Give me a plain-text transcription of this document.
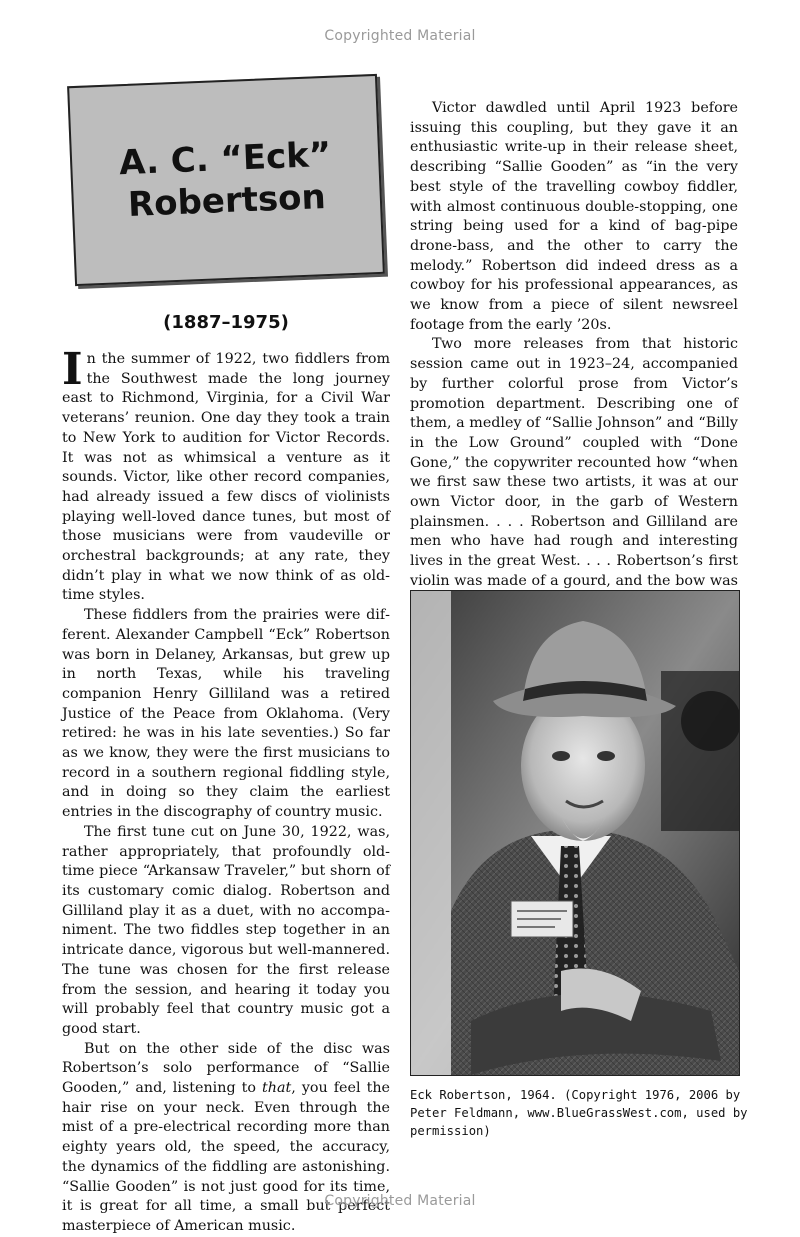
Copyrighted Material
A. C. “Eck”
Robertson
(1887–1975)

In the summer of 1922, two fiddlers from the Southwest made the long journey east to Richmond, Virginia, for a Civil War veterans’ reunion. One day they took a train to New York to audition for Victor Records. It was not as whimsical a venture as it sounds. Victor, like other record companies, had already issued a few discs of violinists playing well-loved dance tunes, but most of those musicians were from vaudeville or orchestral backgrounds; at any rate, they didn’t play in what we now think of as old-time styles.

These fiddlers from the prairies were different. Alexander Campbell “Eck” Robertson was born in Delaney, Arkansas, but grew up in north Texas, while his traveling companion Henry Gilliland was a retired Justice of the Peace from Oklahoma. (Very retired: he was in his late seventies.) So far as we know, they were the first musicians to record in a southern regional fiddling style, and in doing so they claim the earliest entries in the discography of country music.

The first tune cut on June 30, 1922, was, rather appropriately, that profoundly old-time piece “Arkansaw Traveler,” but shorn of its customary comic dialog. Robertson and Gilliland play it as a duet, with no accompaniment. The two fiddles step together in an intricate dance, vigorous but well-mannered. The tune was chosen for the first release from the session, and hearing it today you will probably feel that country music got a good start.

But on the other side of the disc was Robertson’s solo performance of “Sallie Gooden,” and, listening to that, you feel the hair rise on your neck. Even through the mist of a pre-electrical recording more than eighty years old, the speed, the accuracy, the dynamics of the fiddling are astonishing. “Sallie Gooden” is not just good for its time, it is great for all time, a small but perfect masterpiece of American music.

Victor dawdled until April 1923 before issuing this coupling, but they gave it an enthusiastic write-up in their release sheet, describing “Sallie Gooden” as “in the very best style of the travelling cowboy fiddler, with almost continuous double-stopping, one string being used for a kind of bag-pipe drone-bass, and the other to carry the melody.” Robertson did indeed dress as a cowboy for his professional appearances, as we know from a piece of silent newsreel footage from the early ’20s.

Two more releases from that historic session came out in 1923–24, accompanied by further colorful prose from Victor’s promotion department. Describing one of them, a medley of “Sallie Johnson” and “Billy in the Low Ground” coupled with “Done Gone,” the copywriter recounted how “when we first saw these two artists, it was at our own Victor door, in the garb of Western plainsmen. . . . Robertson and Gilliland are men who have had rough and interesting lives in the great West. . . . Robertson’s first violin was made of a gourd, and the bow was

Eck Robertson, 1964. (Copyright 1976, 2006 by Peter Feldmann, www.BlueGrassWest.com, used by permission)
Copyrighted Material
